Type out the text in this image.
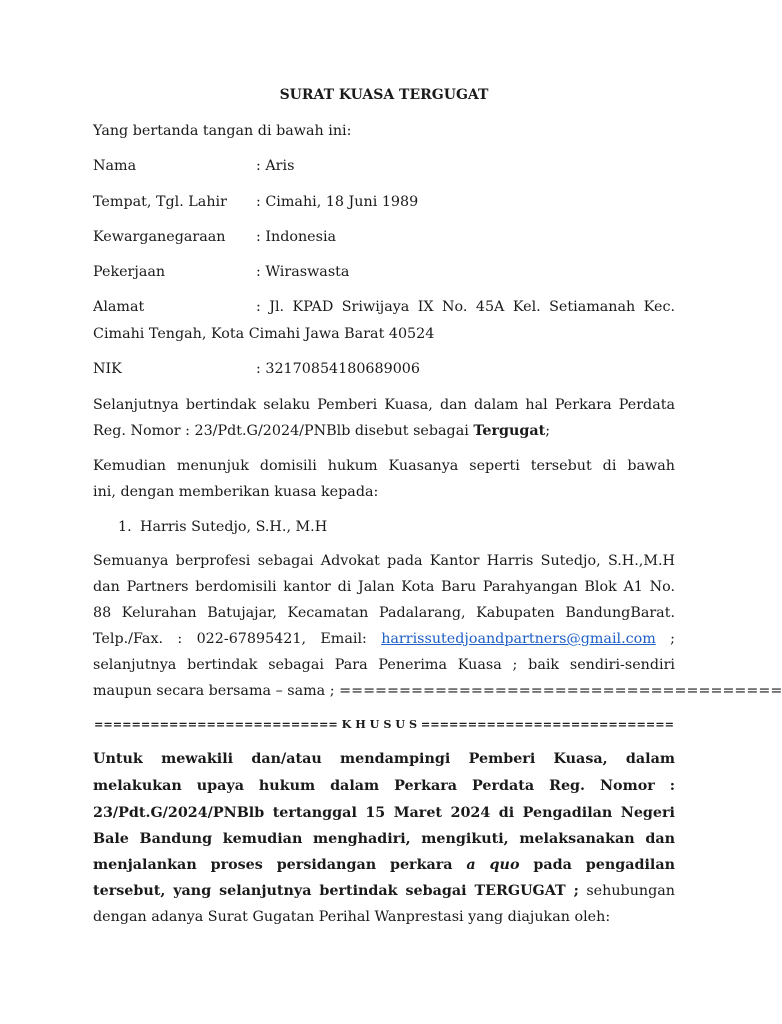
SURAT KUASA TERGUGAT
Yang bertanda tangan di bawah ini:
Nama	: Aris
Tempat, Tgl. Lahir : Cimahi, 18 Juni 1989
Kewarganegaraan : Indonesia
Pekerjaan	: Wiraswasta
Alamat	: Jl. KPAD Sriwijaya IX No. 45A Kel. Setiamanah Kec.
Cimahi Tengah, Kota Cimahi Jawa Barat 40524
NIK	: 32170854180689006
Selanjutnya bertindak selaku Pemberi Kuasa, dan dalam hal Perkara Perdata
Reg. Nomor : 23/Pdt.G/2024/PNBlb disebut sebagai Tergugat;
Kemudian menunjuk domisili hukum Kuasanya seperti tersebut di bawah
ini, dengan memberikan kuasa kepada:
1. Harris Sutedjo, S.H., M.H
Semuanya berprofesi sebagai Advokat pada Kantor Harris Sutedjo, S.H.,M.H
dan Partners berdomisili kantor di Jalan Kota Baru Parahyangan Blok A1 No.
88 Kelurahan Batujajar, Kecamatan Padalarang, Kabupaten BandungBarat.
Telp./Fax. : 022-67895421, Email: harrissutedjoandpartners@gmail.com ;
selanjutnya bertindak sebagai Para Penerima Kuasa ; baik sendiri-sendiri
maupun secara bersama – sama ; =====================================
========================== K H U S U S ===========================
Untuk mewakili dan/atau mendampingi Pemberi Kuasa, dalam
melakukan upaya hukum dalam Perkara Perdata Reg. Nomor :
23/Pdt.G/2024/PNBlb tertanggal 15 Maret 2024 di Pengadilan Negeri
Bale Bandung kemudian menghadiri, mengikuti, melaksanakan dan
menjalankan proses persidangan perkara a quo pada pengadilan
tersebut, yang selanjutnya bertindak sebagai TERGUGAT ; sehubungan
dengan adanya Surat Gugatan Perihal Wanprestasi yang diajukan oleh:
